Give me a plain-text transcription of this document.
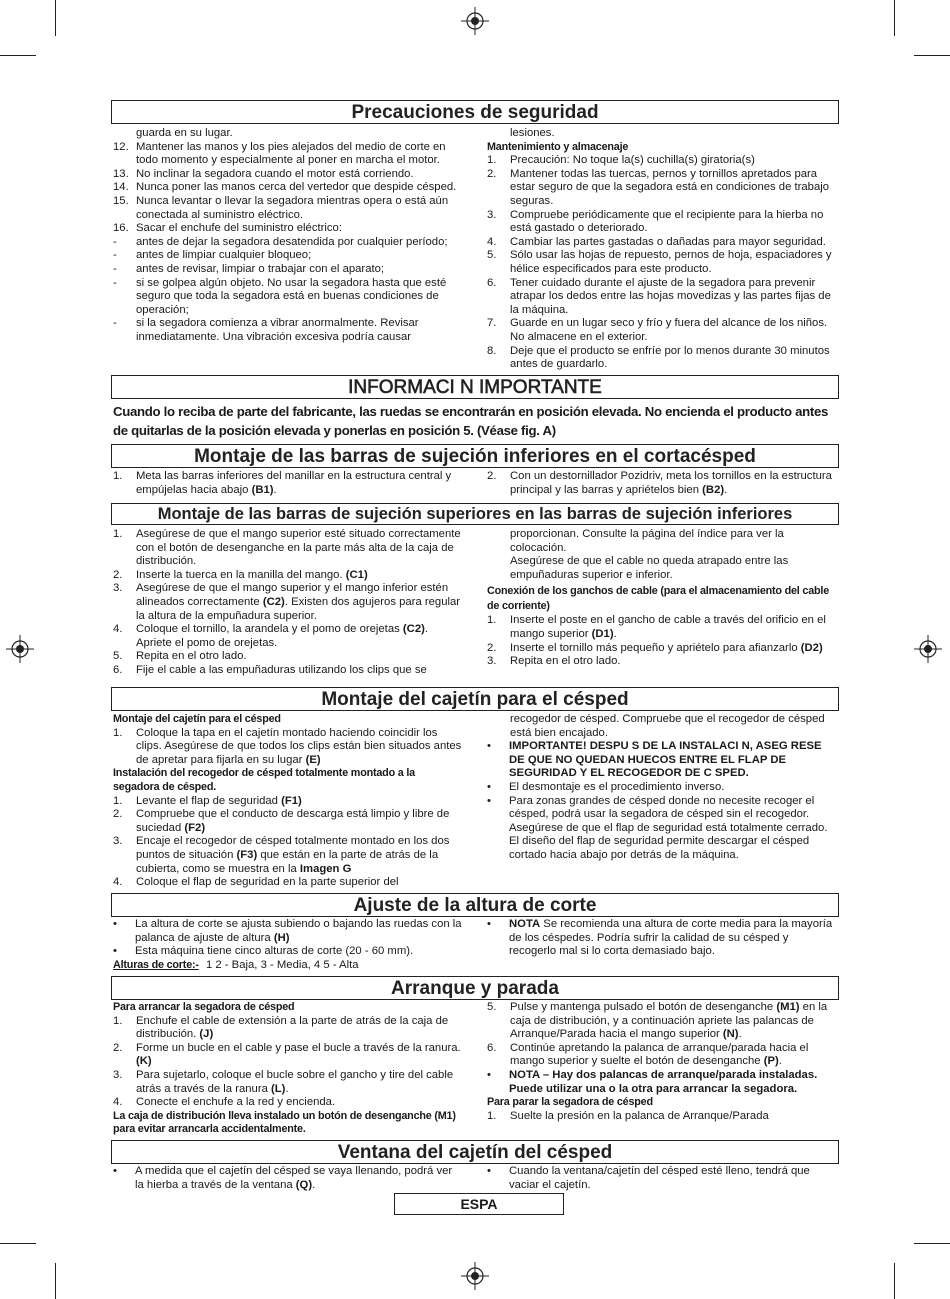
Precauciones de seguridad
guarda en su lugar.
12. Mantener las manos y los pies alejados del medio de corte en todo momento y especialmente al poner en marcha el motor.
13. No inclinar la segadora cuando el motor está corriendo.
14. Nunca poner las manos cerca del vertedor que despide césped.
15. Nunca levantar o llevar la segadora mientras opera o está aún conectada al suministro eléctrico.
16. Sacar el enchufe del suministro eléctrico:
-	antes de dejar la segadora desatendida por cualquier período;
-	antes de limpiar cualquier bloqueo;
-	antes de revisar, limpiar o trabajar con el aparato;
-	si se golpea algún objeto. No usar la segadora hasta que esté seguro que toda la segadora está en buenas condiciones de operación;
-	si la segadora comienza a vibrar anormalmente. Revisar inmediatamente. Una vibración excesiva podría causar
lesiones.
Mantenimiento y almacenaje
1.	Precaución: No toque la(s) cuchilla(s) giratoria(s)
2.	Mantener todas las tuercas, pernos y tornillos apretados para estar seguro de que la segadora está en condiciones de trabajo seguras.
3.	Compruebe periódicamente que el recipiente para la hierba no está gastado o deteriorado.
4.	Cambiar las partes gastadas o dañadas para mayor seguridad.
5.	Sólo usar las hojas de repuesto, pernos de hoja, espaciadores y hélice especificados para este producto.
6.	Tener cuidado durante el ajuste de la segadora para prevenir atrapar los dedos entre las hojas movedizas y las partes fijas de la máquina.
7.	Guarde en un lugar seco y frío y fuera del alcance de los niños. No almacene en el exterior.
8.	Deje que el producto se enfríe por lo menos durante 30 minutos antes de guardarlo.
INFORMACI N IMPORTANTE
Cuando lo reciba de parte del fabricante, las ruedas se encontrarán en posición elevada. No encienda el producto antes de quitarlas de la posición elevada y ponerlas en posición 5. (Véase fig. A)
Montaje de las barras de sujeción inferiores en el cortacésped
1.	Meta las barras inferiores del manillar en la estructura central y empújelas hacia abajo (B1).
2.	Con un destornillador Pozidriv, meta los tornillos en la estructura principal y las barras y apriételos bien (B2).
Montaje de las barras de sujeción superiores en las barras de sujeción inferiores
1.	Asegúrese de que el mango superior esté situado correctamente con el botón de desenganche en la parte más alta de la caja de distribución.
2.	Inserte la tuerca en la manilla del mango. (C1)
3.	Asegúrese de que el mango superior y el mango inferior estén alineados correctamente (C2). Existen dos agujeros para regular la altura de la empuñadura superior.
4.	Coloque el tornillo, la arandela y el pomo de orejetas (C2). Apriete el pomo de orejetas.
5.	Repita en el otro lado.
6.	Fije el cable a las empuñaduras utilizando los clips que se
proporcionan. Consulte la página del índice para ver la colocación.
Asegúrese de que el cable no queda atrapado entre las empuñaduras superior e inferior.
Conexión de los ganchos de cable (para el almacenamiento del cable de corriente)
1.	Inserte el poste en el gancho de cable a través del orificio en el mango superior (D1).
2.	Inserte el tornillo más pequeño y apriételo para afianzarlo (D2)
3.	Repita en el otro lado.
Montaje del cajetín para el césped
Montaje del cajetín para el césped
1.	Coloque la tapa en el cajetín montado haciendo coincidir los clips. Asegúrese de que todos los clips están bien situados antes de apretar para fijarla en su lugar (E)
Instalación del recogedor de césped totalmente montado a la segadora de césped.
1.	Levante el flap de seguridad (F1)
2.	Compruebe que el conducto de descarga está limpio y libre de suciedad (F2)
3.	Encaje el recogedor de césped totalmente montado en los dos puntos de situación (F3) que están en la parte de atrás de la cubierta, como se muestra en la Imagen G
4.	Coloque el flap de seguridad en la parte superior del
recogedor de césped. Compruebe que el recogedor de césped está bien encajado.
•	IMPORTANTE! DESPU S DE LA INSTALACI N, ASEG RESE DE QUE NO QUEDAN HUECOS ENTRE EL FLAP DE SEGURIDAD Y EL RECOGEDOR DE C SPED.
•	El desmontaje es el procedimiento inverso.
•	Para zonas grandes de césped donde no necesite recoger el césped, podrá usar la segadora de césped sin el recogedor. Asegúrese de que el flap de seguridad está totalmente cerrado. El diseño del flap de seguridad permite descargar el césped cortado hacia abajo por detrás de la máquina.
Ajuste de la altura de corte
•	La altura de corte se ajusta subiendo o bajando las ruedas con la palanca de ajuste de altura (H)
•	Esta máquina tiene cinco alturas de corte (20 - 60 mm).
Alturas de corte:- 1 2 - Baja, 3 - Media, 4 5 - Alta
•	NOTA Se recomienda una altura de corte media para la mayoría de los céspedes. Podría sufrir la calidad de su césped y recogerlo mal si lo corta demasiado bajo.
Arranque y parada
Para arrancar la segadora de césped
1.	Enchufe el cable de extensión a la parte de atrás de la caja de distribución. (J)
2.	Forme un bucle en el cable y pase el bucle a través de la ranura. (K)
3.	Para sujetarlo, coloque el bucle sobre el gancho y tire del cable atrás a través de la ranura (L).
4.	Conecte el enchufe a la red y enciendа.
La caja de distribución lleva instalado un botón de desenganche (M1) para evitar arrancarla accidentalmente.
5.	Pulse y mantenga pulsado el botón de desenganche (M1) en la caja de distribución, y a continuación apriete las palancas de Arranque/Parada hacia el mango superior (N).
6.	Continúe apretando la palanca de arranque/parada hacia el mango superior y suelte el botón de desenganche (P).
•	NOTA – Hay dos palancas de arranque/parada instaladas. Puede utilizar una o la otra para arrancar la segadora.
Para parar la segadora de césped
1.	Suelte la presión en la palanca de Arranque/Parada
Ventana del cajetín del césped
•	A medida que el cajetín del césped se vaya llenando, podrá ver la hierba a través de la ventana (Q).
•	Cuando la ventana/cajetín del césped esté lleno, tendrá que vaciar el cajetín.
ESPA
